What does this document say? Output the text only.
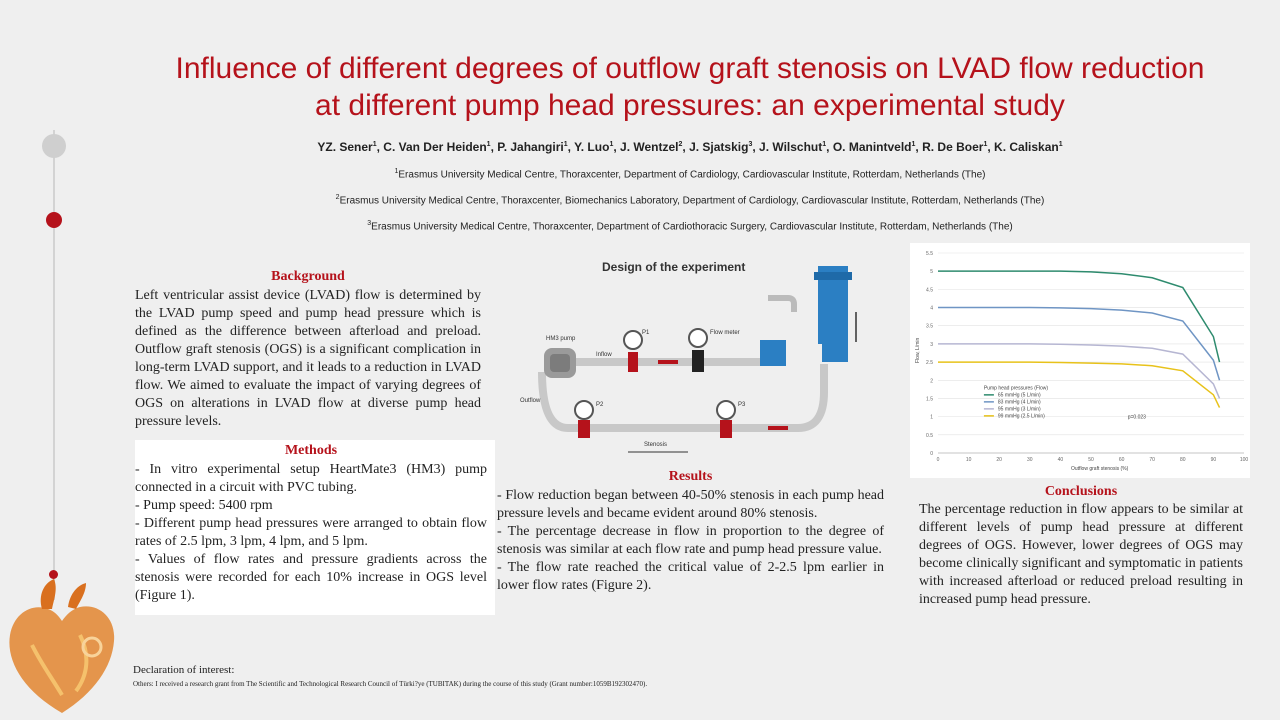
Influence of different degrees of outflow graft stenosis on LVAD flow reduction at different pump head pressures: an experimental study
YZ. Sener$^1$, C. Van Der Heiden$^1$, P. Jahangiri$^1$, Y. Luo$^1$, J. Wentzel$^2$, J. Sjatskig$^3$, J. Wilschut$^1$, O. Manintveld$^1$, R. De Boer$^1$, K. Caliskan$^1$
$^1$Erasmus University Medical Centre, Thoraxcenter, Department of Cardiology, Cardiovascular Institute, Rotterdam, Netherlands (The)
$^2$Erasmus University Medical Centre, Thoraxcenter, Biomechanics Laboratory, Department of Cardiology, Cardiovascular Institute, Rotterdam, Netherlands (The)
$^3$Erasmus University Medical Centre, Thoraxcenter, Department of Cardiothoracic Surgery, Cardiovascular Institute, Rotterdam, Netherlands (The)
Background
Left ventricular assist device (LVAD) flow is determined by the LVAD pump speed and pump head pressure which is defined as the difference between afterload and preload. Outflow graft stenosis (OGS) is a significant complication in long-term LVAD support, and it leads to a reduction in LVAD flow. We aimed to evaluate the impact of varying degrees of OGS on alterations in LVAD flow at diverse pump head pressure levels.
Methods
- In vitro experimental setup HeartMate3 (HM3) pump connected in a circuit with PVC tubing.
- Pump speed: 5400 rpm
- Different pump head pressures were arranged to obtain flow rates of 2.5 lpm, 3 lpm, 4 lpm, and 5 lpm.
- Values of flow rates and pressure gradients across the stenosis were recorded for each 10% increase in OGS level (Figure 1).
Design of the experiment
HM3 pump
P1	Flow meter
Inflow
Outflow
P2	P3
Stenosis
Results
- Flow reduction began between 40-50% stenosis in each pump head pressure levels and became evident around 80% stenosis.
- The percentage decrease in flow in proportion to the degree of stenosis was similar at each flow rate and pump head pressure value.
- The flow rate reached the critical value of 2-2.5 lpm earlier in lower flow rates (Figure 2).
0
0.5
1
1.5
2
2.5
3
3.5
4
4.5
5
5.5
0	10	20	30	40	50	60	70	80	90	100
Flow, L/min
Outflow graft stenosis (%)
p=0.023
Pump head pressures (Flow)
65 mmHg (5 L/min)
83 mmHg (4 L/min)
95 mmHg (3 L/min)
99 mmHg (2.5 L/min)
Conclusions
The percentage reduction in flow appears to be similar at different levels of pump head pressure at different degrees of OGS. However, lower degrees of OGS may become clinically significant and symptomatic in patients with increased afterload or reduced preload resulting in increased pump head pressure.
Declaration of interest:
Others: I received a research grant from The Scientific and Technological Research Council of Türki?ye (TUBITAK) during the course of this study (Grant number:1059B192302470).
